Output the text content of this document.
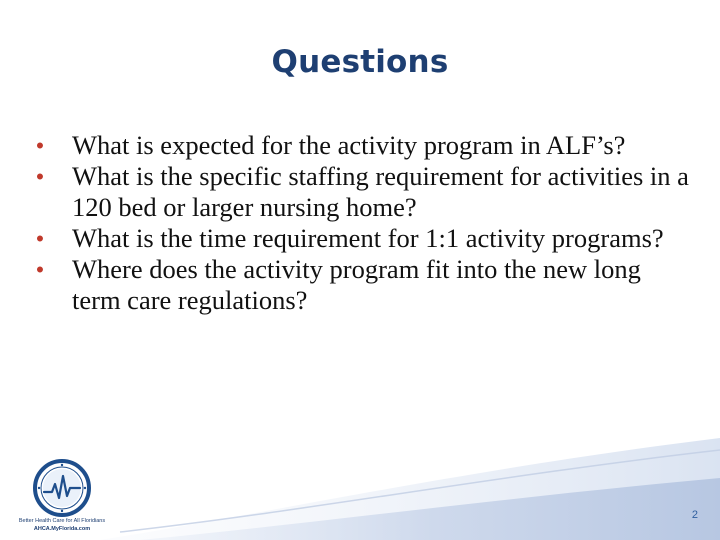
Questions
• What is expected for the activity program in ALF’s?
• What is the specific staffing requirement for activities in a 120 bed or larger nursing home?
• What is the time requirement for 1:1 activity programs?
• Where does the activity program fit into the new long term care regulations?
Better Health Care for All Floridians
AHCA.MyFlorida.com
2
